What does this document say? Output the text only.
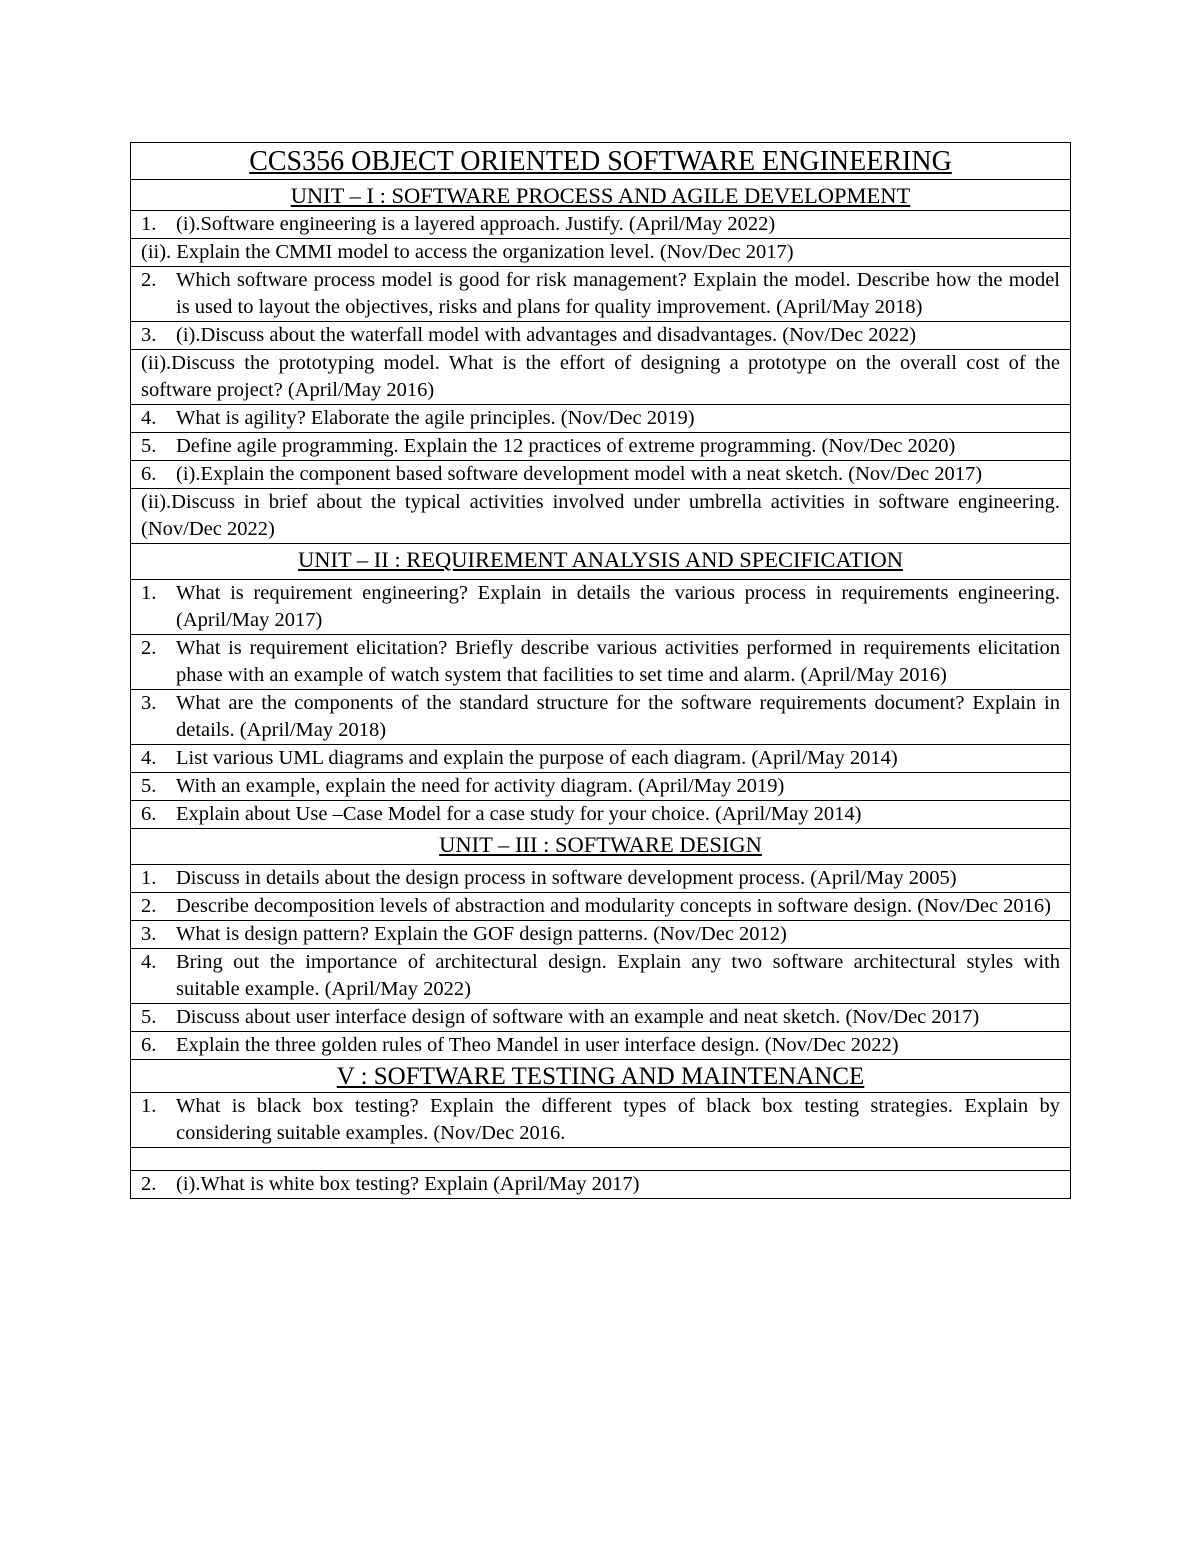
CCS356 OBJECT ORIENTED SOFTWARE ENGINEERING
UNIT – I : SOFTWARE PROCESS AND AGILE DEVELOPMENT

1. (i).Software engineering is a layered approach. Justify. (April/May 2022)

(ii). Explain the CMMI model to access the organization level. (Nov/Dec 2017)

2. Which software process model is good for risk management? Explain the model. Describe how the model is used to layout the objectives, risks and plans for quality improvement. (April/May 2018)

3. (i).Discuss about the waterfall model with advantages and disadvantages. (Nov/Dec 2022)

(ii).Discuss the prototyping model. What is the effort of designing a prototype on the overall cost of the software project? (April/May 2016)

4. What is agility? Elaborate the agile principles. (Nov/Dec 2019)

5. Define agile programming. Explain the 12 practices of extreme programming. (Nov/Dec 2020)

6. (i).Explain the component based software development model with a neat sketch. (Nov/Dec 2017)

(ii).Discuss in brief about the typical activities involved under umbrella activities in software engineering. (Nov/Dec 2022)

UNIT – II : REQUIREMENT ANALYSIS AND SPECIFICATION

1. What is requirement engineering? Explain in details the various process in requirements engineering. (April/May 2017)

2. What is requirement elicitation? Briefly describe various activities performed in requirements elicitation phase with an example of watch system that facilities to set time and alarm. (April/May 2016)

3. What are the components of the standard structure for the software requirements document? Explain in details. (April/May 2018)

4. List various UML diagrams and explain the purpose of each diagram. (April/May 2014)

5. With an example, explain the need for activity diagram. (April/May 2019)

6. Explain about Use –Case Model for a case study for your choice. (April/May 2014)

UNIT – III : SOFTWARE DESIGN

1. Discuss in details about the design process in software development process. (April/May 2005)

2. Describe decomposition levels of abstraction and modularity concepts in software design. (Nov/Dec 2016)

3. What is design pattern? Explain the GOF design patterns. (Nov/Dec 2012)

4. Bring out the importance of architectural design. Explain any two software architectural styles with suitable example. (April/May 2022)

5. Discuss about user interface design of software with an example and neat sketch. (Nov/Dec 2017)

6. Explain the three golden rules of Theo Mandel in user interface design. (Nov/Dec 2022)

V : SOFTWARE TESTING AND MAINTENANCE

1. What is black box testing? Explain the different types of black box testing strategies. Explain by considering suitable examples. (Nov/Dec 2016.

2. (i).What is white box testing? Explain (April/May 2017)
